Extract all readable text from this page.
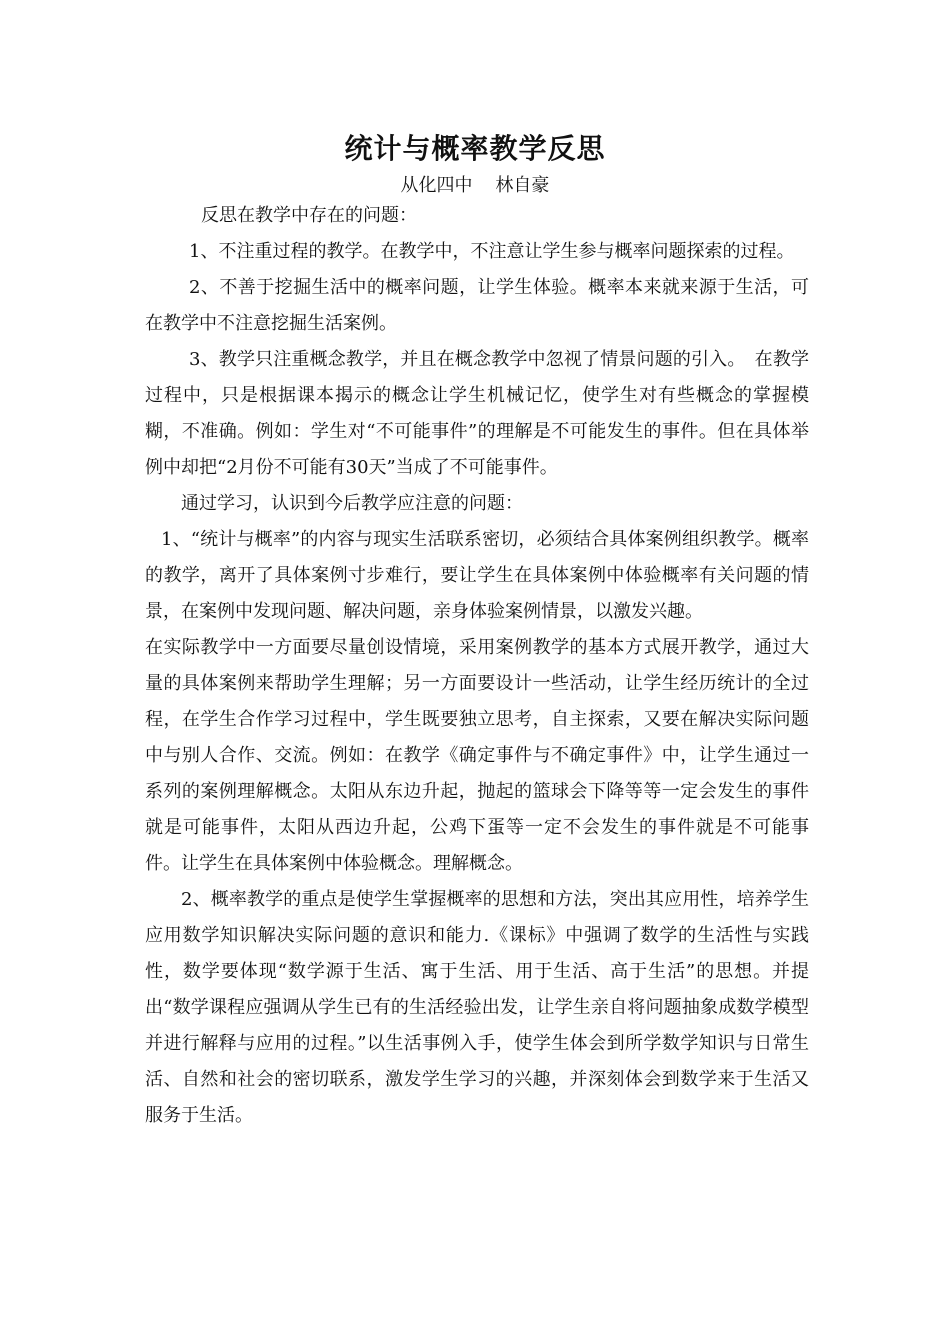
统计与概率教学反思
从化四中    林自豪

反思在教学中存在的问题：

1、不注重过程的教学。在教学中，不注意让学生参与概率问题探索的过程。

2、不善于挖掘生活中的概率问题，让学生体验。概率本来就来源于生活，可在教学中不注意挖掘生活案例。

3、教学只注重概念教学，并且在概念教学中忽视了情景问题的引入。　在教学过程中，只是根据课本揭示的概念让学生机械记忆，使学生对有些概念的掌握模糊，不准确。例如：学生对“不可能事件”的理解是不可能发生的事件。但在具体举例中却把“2月份不可能有30天”当成了不可能事件。

通过学习，认识到今后教学应注意的问题：

1、“统计与概率”的内容与现实生活联系密切，必须结合具体案例组织教学。概率的教学，离开了具体案例寸步难行，要让学生在具体案例中体验概率有关问题的情景，在案例中发现问题、解决问题，亲身体验案例情景，以激发兴趣。

在实际教学中一方面要尽量创设情境，采用案例教学的基本方式展开教学，通过大量的具体案例来帮助学生理解；另一方面要设计一些活动，让学生经历统计的全过程，在学生合作学习过程中，学生既要独立思考，自主探索，又要在解决实际问题中与别人合作、交流。例如：在教学《确定事件与不确定事件》中，让学生通过一系列的案例理解概念。太阳从东边升起，抛起的篮球会下降等等一定会发生的事件就是可能事件，太阳从西边升起，公鸡下蛋等一定不会发生的事件就是不可能事件。让学生在具体案例中体验概念。理解概念。

2、概率教学的重点是使学生掌握概率的思想和方法，突出其应用性，培养学生应用数学知识解决实际问题的意识和能力.《课标》中强调了数学的生活性与实践性，数学要体现“数学源于生活、寓于生活、用于生活、高于生活”的思想。并提出“数学课程应强调从学生已有的生活经验出发，让学生亲自将问题抽象成数学模型并进行解释与应用的过程。”以生活事例入手，使学生体会到所学数学知识与日常生活、自然和社会的密切联系，激发学生学习的兴趣，并深刻体会到数学来于生活又服务于生活。
